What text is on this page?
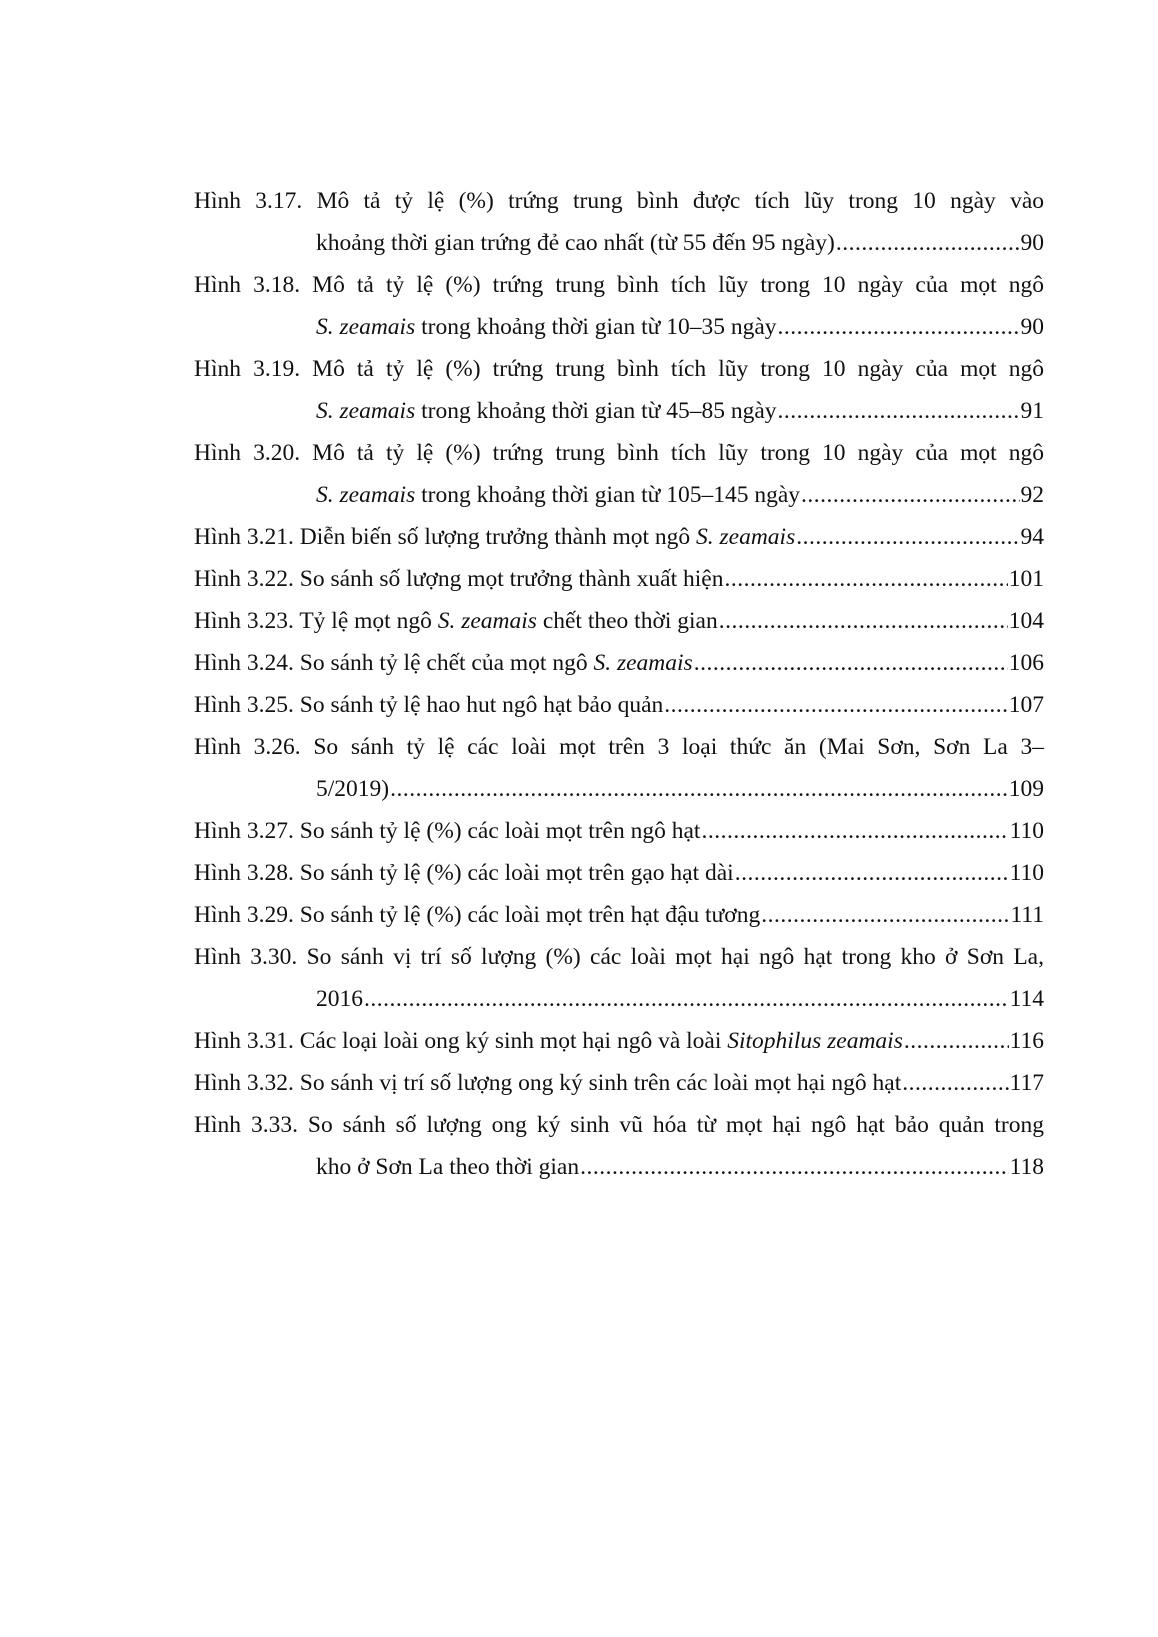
Hình 3.17. Mô tả tỷ lệ (%) trứng trung bình được tích lũy trong 10 ngày vào
khoảng thời gian trứng đẻ cao nhất (từ 55 đến 95 ngày) .....	90
Hình 3.18. Mô tả tỷ lệ (%) trứng trung bình tích lũy trong 10 ngày của mọt ngô
S. zeamais trong khoảng thời gian từ 10–35 ngày .....	90
Hình 3.19. Mô tả tỷ lệ (%) trứng trung bình tích lũy trong 10 ngày của mọt ngô
S. zeamais trong khoảng thời gian từ 45–85 ngày .....	91
Hình 3.20. Mô tả tỷ lệ (%) trứng trung bình tích lũy trong 10 ngày của mọt ngô
S. zeamais trong khoảng thời gian từ 105–145 ngày .....	92
Hình 3.21. Diễn biến số lượng trưởng thành mọt ngô S. zeamais .....	94
Hình 3.22. So sánh số lượng mọt trưởng thành xuất hiện .....	101
Hình 3.23. Tỷ lệ mọt ngô S. zeamais chết theo thời gian .....	104
Hình 3.24. So sánh tỷ lệ chết của mọt ngô S. zeamais .....	106
Hình 3.25. So sánh tỷ lệ hao hut ngô hạt bảo quản .....	107
Hình 3.26. So sánh tỷ lệ các loài mọt trên 3 loại thức ăn (Mai Sơn, Sơn La 3–
5/2019) .....	109
Hình 3.27. So sánh tỷ lệ (%) các loài mọt trên ngô hạt .....	110
Hình 3.28. So sánh tỷ lệ (%) các loài mọt trên gạo hạt dài .....	110
Hình 3.29. So sánh tỷ lệ (%) các loài mọt trên hạt đậu tương .....	111
Hình 3.30. So sánh vị trí số lượng (%) các loài mọt hại ngô hạt trong kho ở Sơn La,
2016 .....	114
Hình 3.31. Các loại loài ong ký sinh mọt hại ngô và loài Sitophilus zeamais .....	116
Hình 3.32. So sánh vị trí số lượng ong ký sinh trên các loài mọt hại ngô hạt .....	117
Hình 3.33. So sánh số lượng ong ký sinh vũ hóa từ mọt hại ngô hạt bảo quản trong
kho ở Sơn La theo thời gian .....	118
